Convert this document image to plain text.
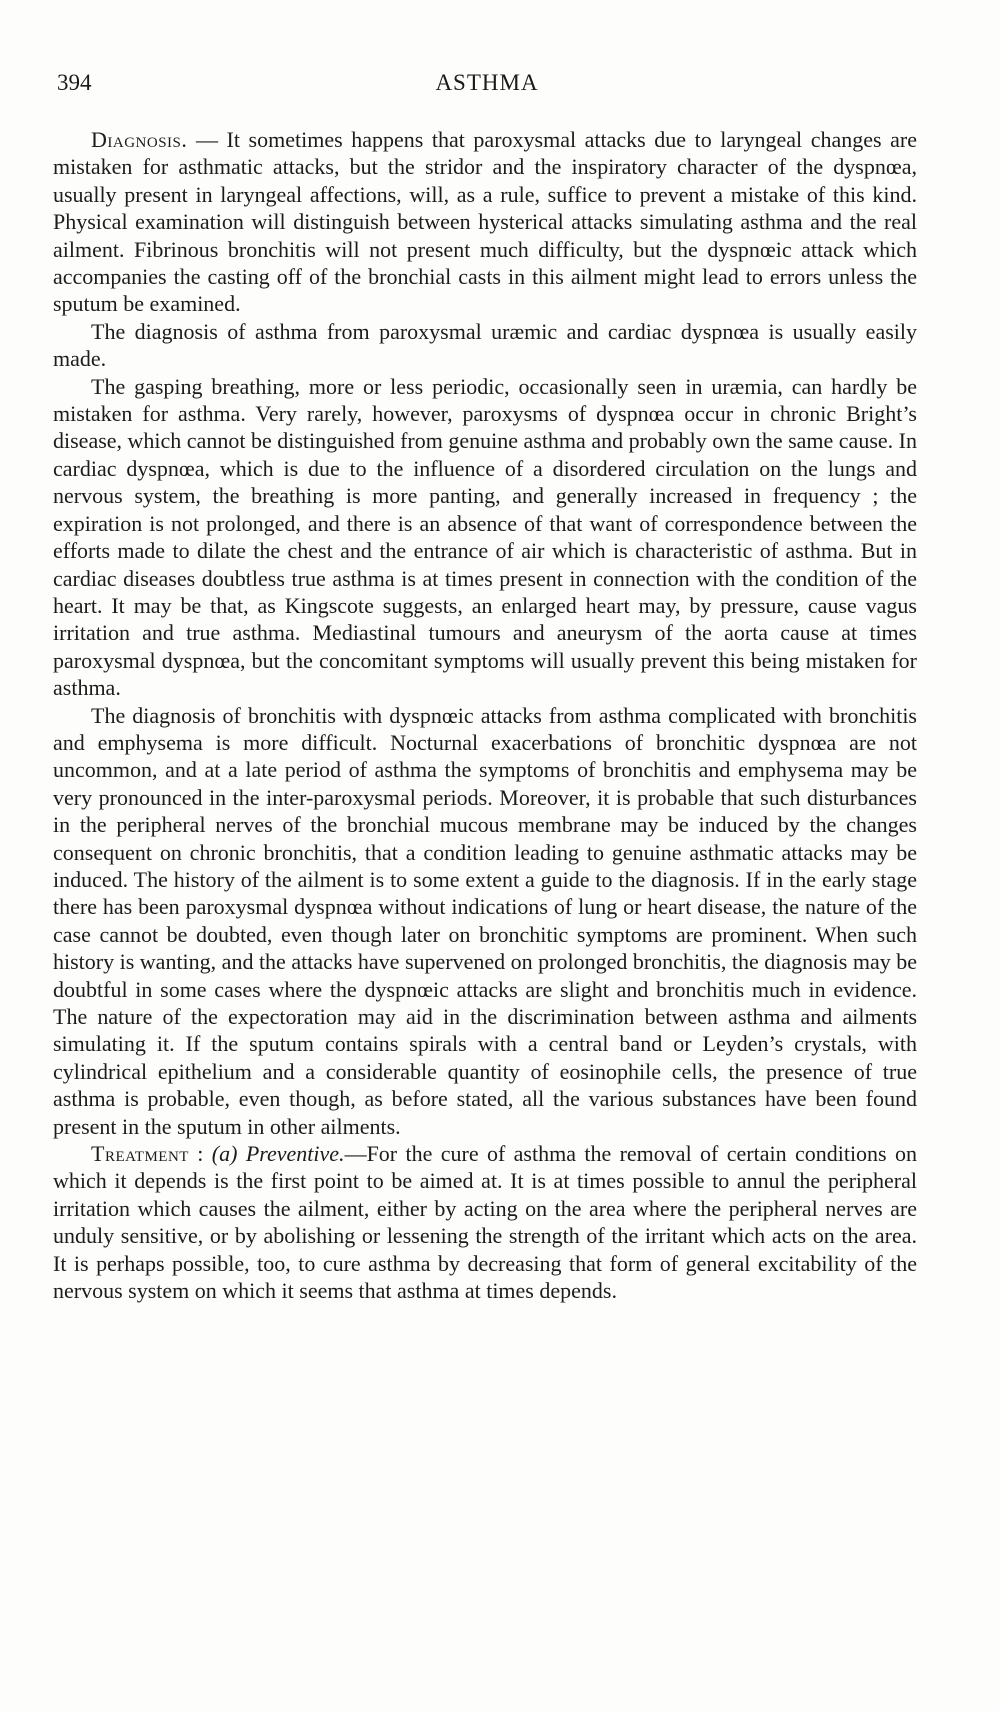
394	ASTHMA

Diagnosis. — It sometimes happens that paroxysmal attacks due to laryngeal changes are mistaken for asthmatic attacks, but the stridor and the inspiratory character of the dyspnœa, usually present in laryngeal affections, will, as a rule, suffice to prevent a mistake of this kind. Physical examination will distinguish between hysterical attacks simulating asthma and the real ailment. Fibrinous bronchitis will not present much difficulty, but the dyspnœic attack which accompanies the casting off of the bronchial casts in this ailment might lead to errors unless the sputum be examined.

The diagnosis of asthma from paroxysmal uræmic and cardiac dyspnœa is usually easily made.

The gasping breathing, more or less periodic, occasionally seen in uræmia, can hardly be mistaken for asthma. Very rarely, however, paroxysms of dyspnœa occur in chronic Bright’s disease, which cannot be distinguished from genuine asthma and probably own the same cause. In cardiac dyspnœa, which is due to the influence of a disordered circulation on the lungs and nervous system, the breathing is more panting, and generally increased in frequency ; the expiration is not prolonged, and there is an absence of that want of correspondence between the efforts made to dilate the chest and the entrance of air which is characteristic of asthma. But in cardiac diseases doubtless true asthma is at times present in connection with the condition of the heart. It may be that, as Kingscote suggests, an enlarged heart may, by pressure, cause vagus irritation and true asthma. Mediastinal tumours and aneurysm of the aorta cause at times paroxysmal dyspnœa, but the concomitant symptoms will usually prevent this being mistaken for asthma.

The diagnosis of bronchitis with dyspnœic attacks from asthma complicated with bronchitis and emphysema is more difficult. Nocturnal exacerbations of bronchitic dyspnœa are not uncommon, and at a late period of asthma the symptoms of bronchitis and emphysema may be very pronounced in the inter-paroxysmal periods. Moreover, it is probable that such disturbances in the peripheral nerves of the bronchial mucous membrane may be induced by the changes consequent on chronic bronchitis, that a condition leading to genuine asthmatic attacks may be induced. The history of the ailment is to some extent a guide to the diagnosis. If in the early stage there has been paroxysmal dyspnœa without indications of lung or heart disease, the nature of the case cannot be doubted, even though later on bronchitic symptoms are prominent. When such history is wanting, and the attacks have supervened on prolonged bronchitis, the diagnosis may be doubtful in some cases where the dyspnœic attacks are slight and bronchitis much in evidence. The nature of the expectoration may aid in the discrimination between asthma and ailments simulating it. If the sputum contains spirals with a central band or Leyden’s crystals, with cylindrical epithelium and a considerable quantity of eosinophile cells, the presence of true asthma is probable, even though, as before stated, all the various substances have been found present in the sputum in other ailments.

Treatment : (a) Preventive.—For the cure of asthma the removal of certain conditions on which it depends is the first point to be aimed at. It is at times possible to annul the peripheral irritation which causes the ailment, either by acting on the area where the peripheral nerves are unduly sensitive, or by abolishing or lessening the strength of the irritant which acts on the area. It is perhaps possible, too, to cure asthma by decreasing that form of general excitability of the nervous system on which it seems that asthma at times depends.
